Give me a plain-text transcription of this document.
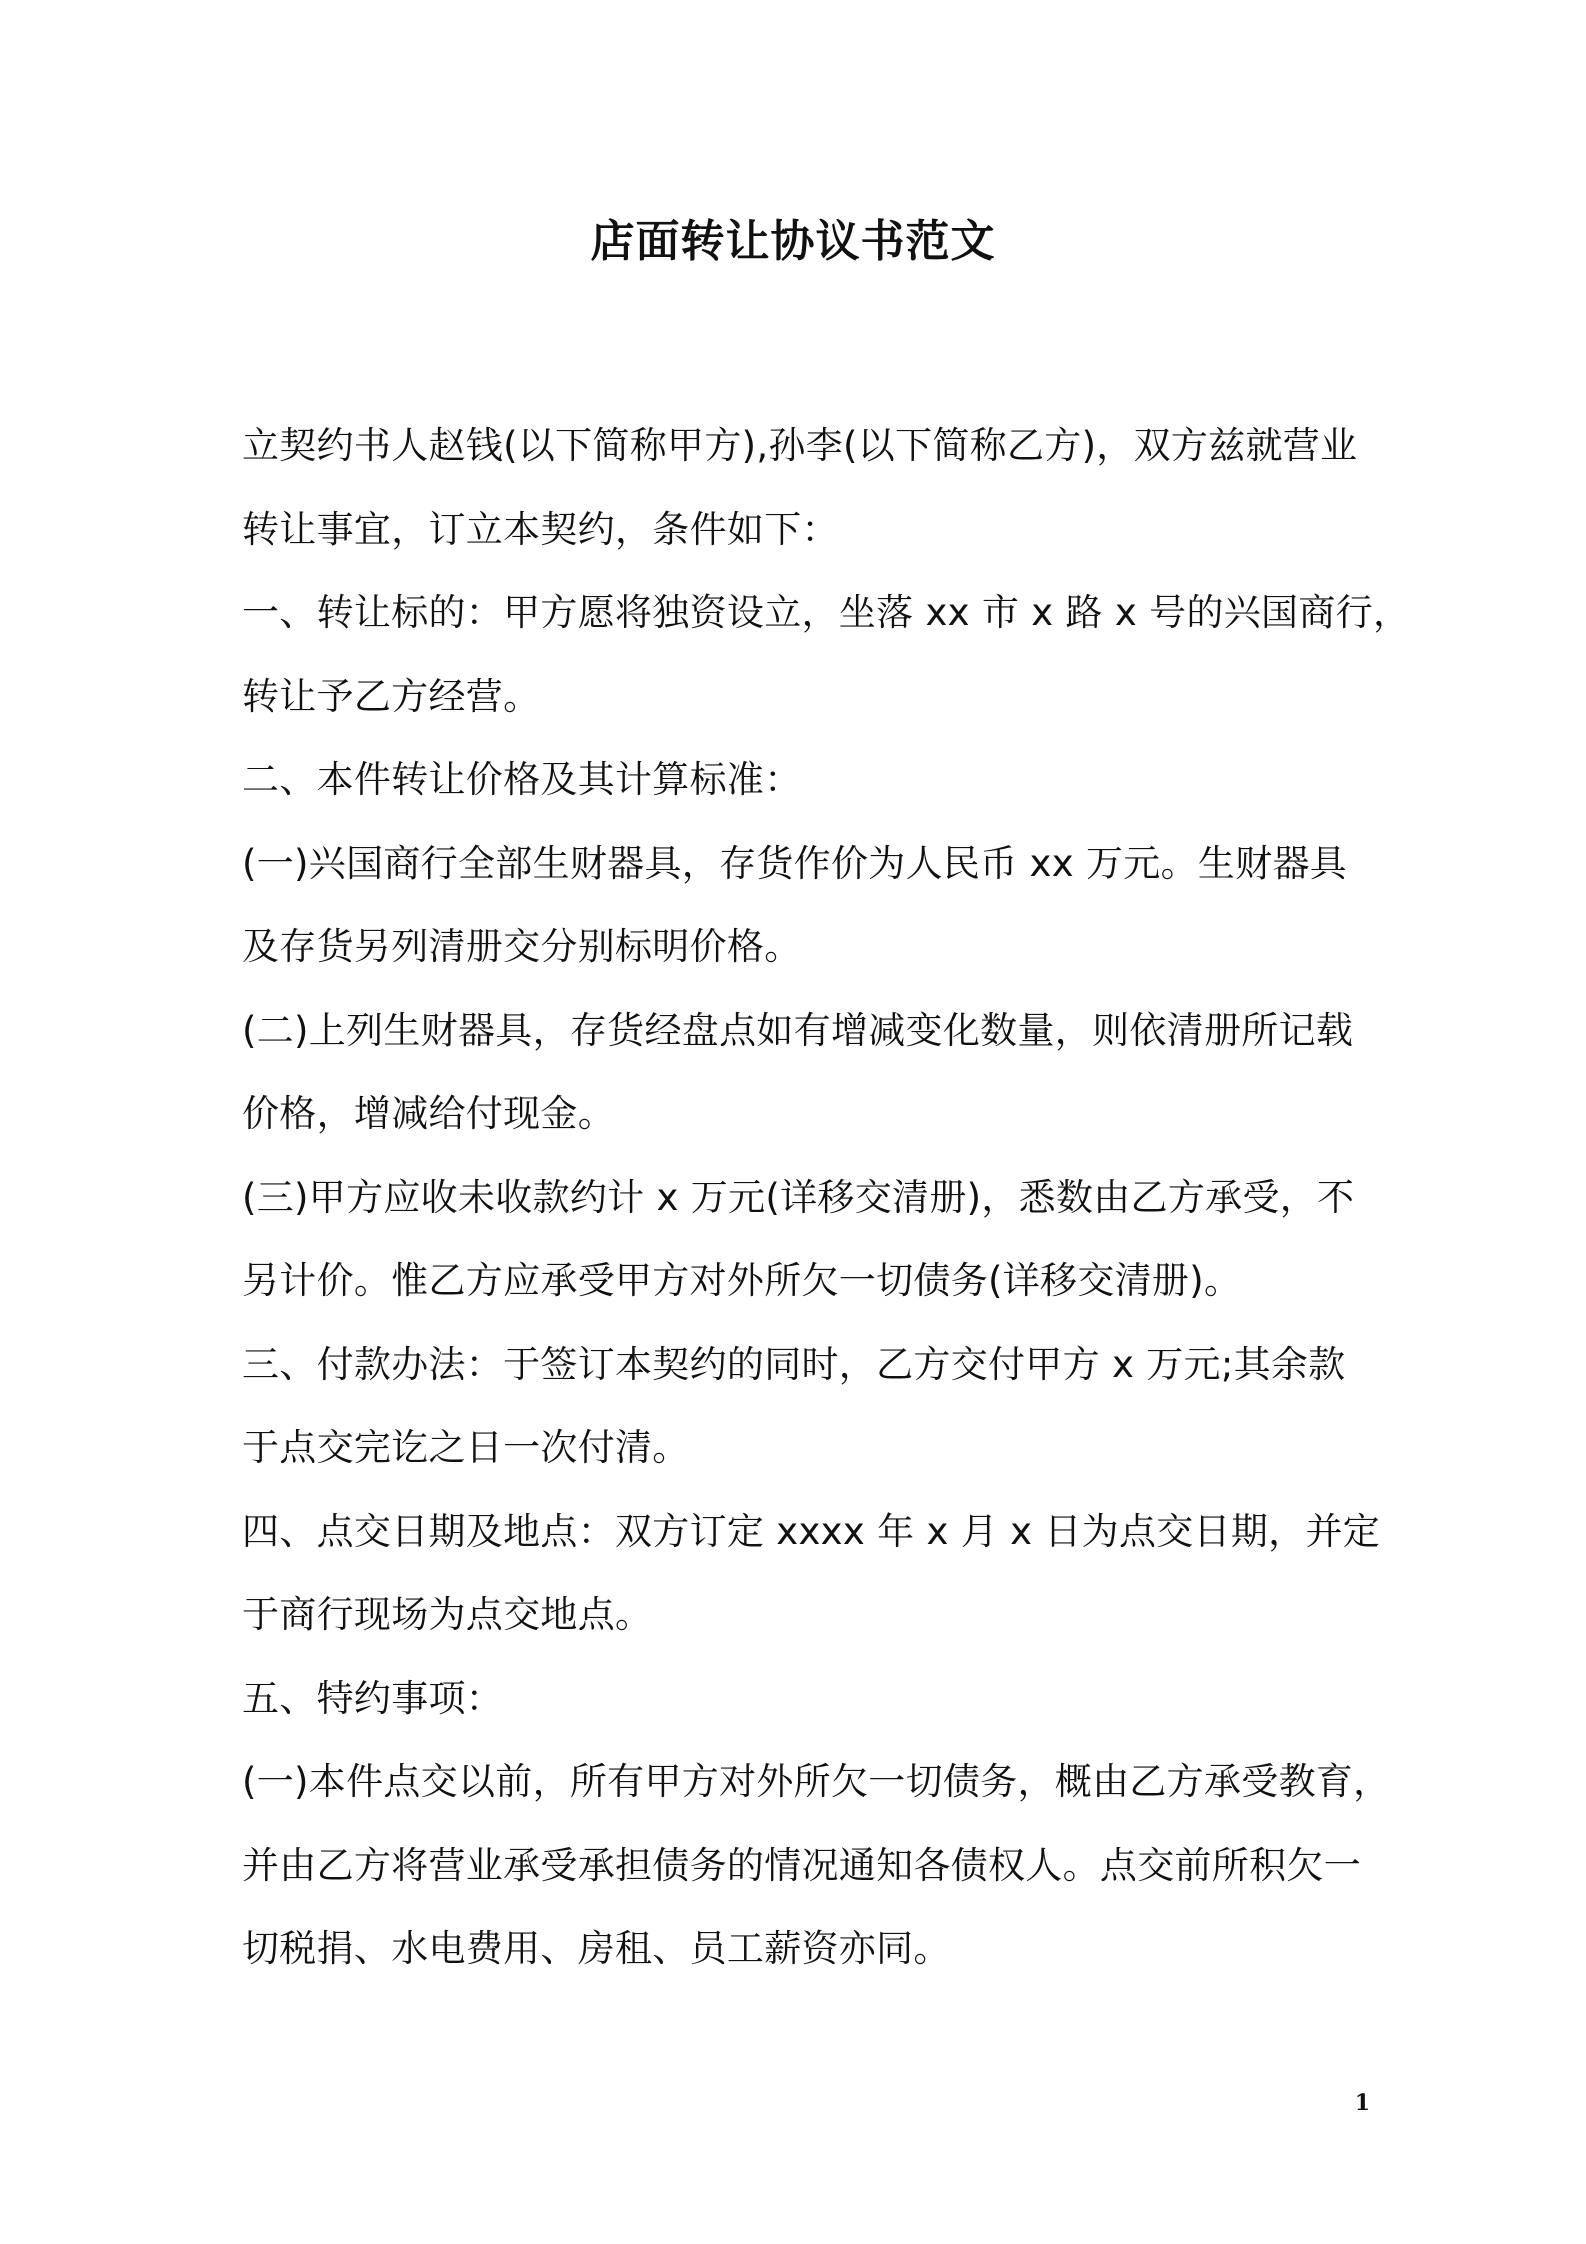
店面转让协议书范文
立契约书人赵钱(以下简称甲方),孙李(以下简称乙方)，双方兹就营业
转让事宜，订立本契约，条件如下：
一、转让标的：甲方愿将独资设立，坐落 xx 市 x 路 x 号的兴国商行，
转让予乙方经营。
二、本件转让价格及其计算标准：
(一)兴国商行全部生财器具，存货作价为人民币 xx 万元。生财器具
及存货另列清册交分别标明价格。
(二)上列生财器具，存货经盘点如有增减变化数量，则依清册所记载
价格，增减给付现金。
(三)甲方应收未收款约计 x 万元(详移交清册)，悉数由乙方承受，不
另计价。惟乙方应承受甲方对外所欠一切债务(详移交清册)。
三、付款办法：于签订本契约的同时，乙方交付甲方 x 万元;其余款
于点交完讫之日一次付清。
四、点交日期及地点：双方订定 xxxx 年 x 月 x 日为点交日期，并定
于商行现场为点交地点。
五、特约事项：
(一)本件点交以前，所有甲方对外所欠一切债务，概由乙方承受教育，
并由乙方将营业承受承担债务的情况通知各债权人。点交前所积欠一
切税捐、水电费用、房租、员工薪资亦同。
1
